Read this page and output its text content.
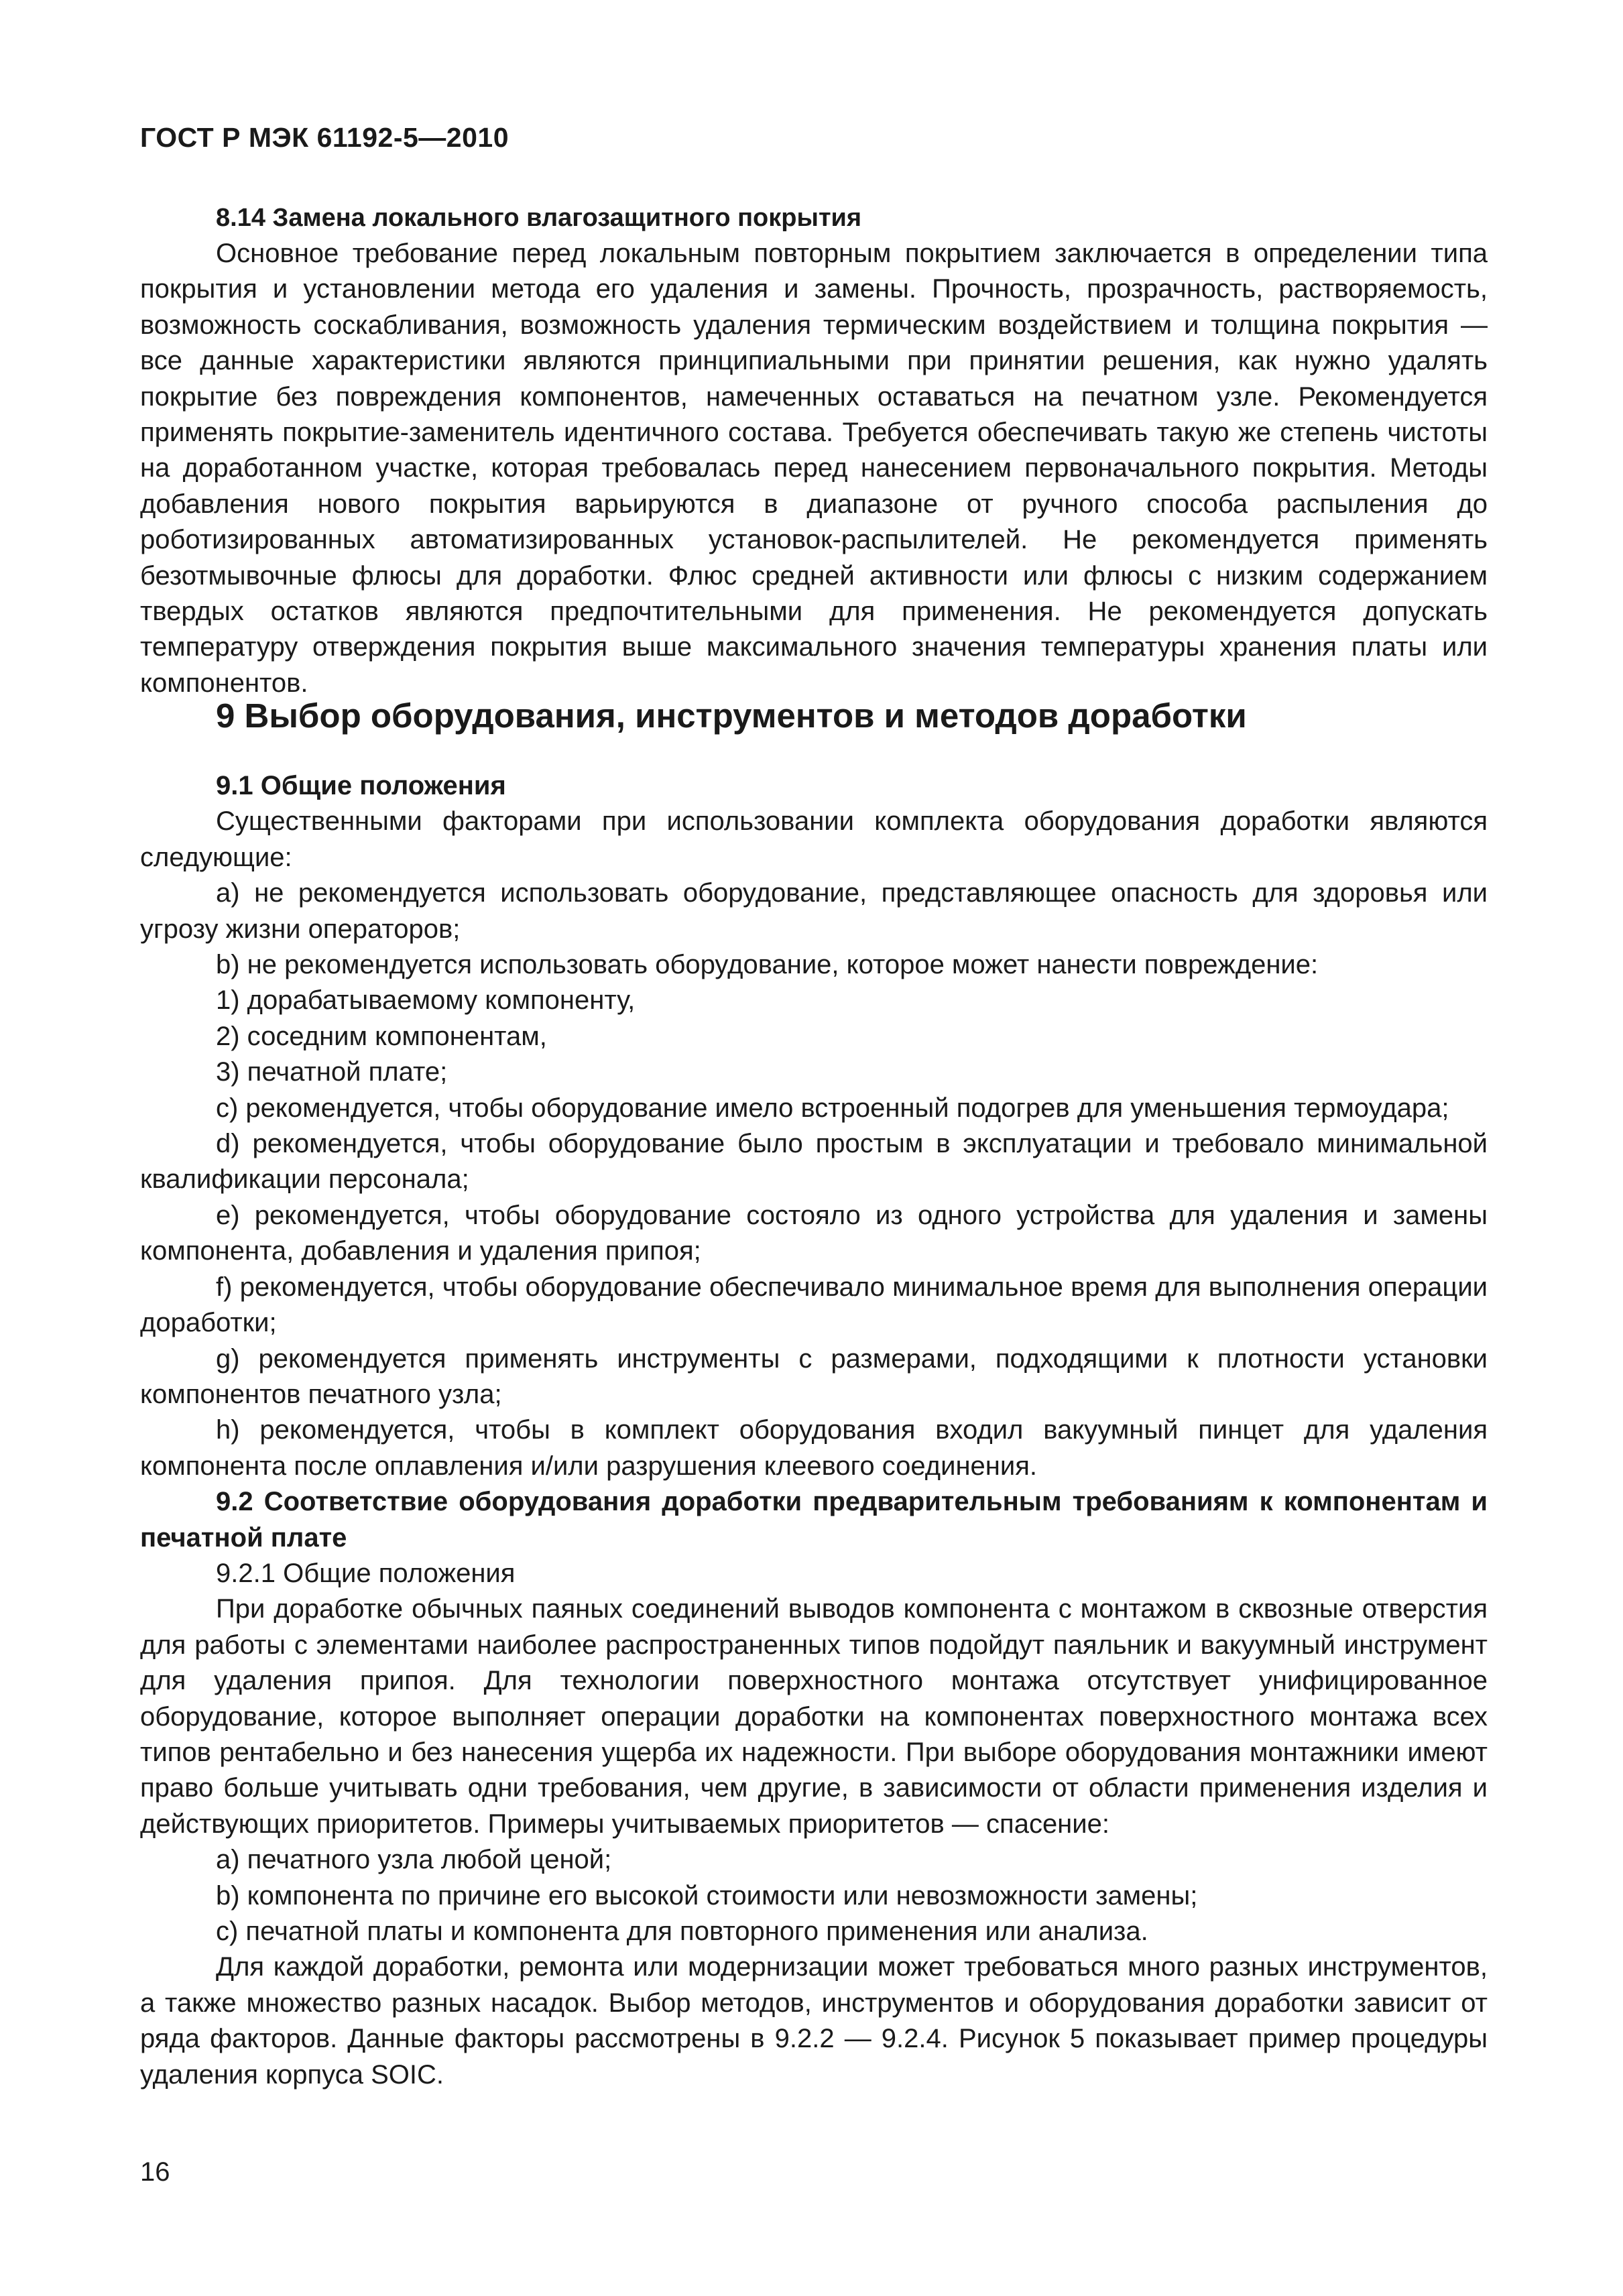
ГОСТ Р МЭК 61192-5—2010
8.14 Замена локального влагозащитного покрытия

Основное требование перед локальным повторным покрытием заключается в определении типа покрытия и установлении метода его удаления и замены. Прочность, прозрачность, растворяемость, возможность соскабливания, возможность удаления термическим воздействием и толщина покрытия — все данные характеристики являются принципиальными при принятии решения, как нужно удалять покрытие без повреждения компонентов, намеченных оставаться на печатном узле. Рекомендуется применять покрытие-заменитель идентичного состава. Требуется обеспечивать такую же степень чистоты на доработанном участке, которая требовалась перед нанесением первоначального покрытия. Методы добавления нового покрытия варьируются в диапазоне от ручного способа распыления до роботизированных автоматизированных установок-распылителей. Не рекомендуется применять безотмывочные флюсы для доработки. Флюс средней активности или флюсы с низким содержанием твердых остатков являются предпочтительными для применения. Не рекомендуется допускать температуру отверждения покрытия выше максимального значения температуры хранения платы или компонентов.

9 Выбор оборудования, инструментов и методов доработки

9.1 Общие положения

Существенными факторами при использовании комплекта оборудования доработки являются следующие:

a) не рекомендуется использовать оборудование, представляющее опасность для здоровья или угрозу жизни операторов;

b) не рекомендуется использовать оборудование, которое может нанести повреждение:

1) дорабатываемому компоненту,

2) соседним компонентам,

3) печатной плате;

c) рекомендуется, чтобы оборудование имело встроенный подогрев для уменьшения термоудара;

d) рекомендуется, чтобы оборудование было простым в эксплуатации и требовало минимальной квалификации персонала;

e) рекомендуется, чтобы оборудование состояло из одного устройства для удаления и замены компонента, добавления и удаления припоя;

f) рекомендуется, чтобы оборудование обеспечивало минимальное время для выполнения операции доработки;

g) рекомендуется применять инструменты с размерами, подходящими к плотности установки компонентов печатного узла;

h) рекомендуется, чтобы в комплект оборудования входил вакуумный пинцет для удаления компонента после оплавления и/или разрушения клеевого соединения.

9.2 Соответствие оборудования доработки предварительным требованиям к компонентам и печатной плате

9.2.1 Общие положения

При доработке обычных паяных соединений выводов компонента с монтажом в сквозные отверстия для работы с элементами наиболее распространенных типов подойдут паяльник и вакуумный инструмент для удаления припоя. Для технологии поверхностного монтажа отсутствует унифицированное оборудование, которое выполняет операции доработки на компонентах поверхностного монтажа всех типов рентабельно и без нанесения ущерба их надежности. При выборе оборудования монтажники имеют право больше учитывать одни требования, чем другие, в зависимости от области применения изделия и действующих приоритетов. Примеры учитываемых приоритетов — спасение:

a) печатного узла любой ценой;

b) компонента по причине его высокой стоимости или невозможности замены;

c) печатной платы и компонента для повторного применения или анализа.

Для каждой доработки, ремонта или модернизации может требоваться много разных инструментов, а также множество разных насадок. Выбор методов, инструментов и оборудования доработки зависит от ряда факторов. Данные факторы рассмотрены в 9.2.2 — 9.2.4. Рисунок 5 показывает пример процедуры удаления корпуса SOIC.

16
